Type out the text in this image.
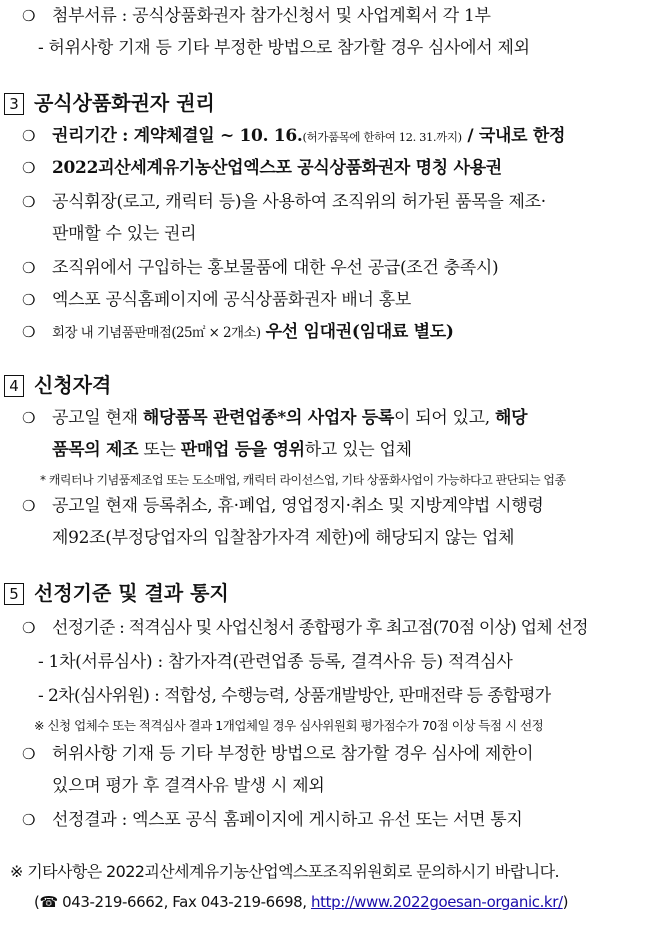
❍ 첨부서류 : 공식상품화권자 참가신청서 및 사업계획서 각 1부
- 허위사항 기재 등 기타 부정한 방법으로 참가할 경우 심사에서 제외
3 공식상품화권자 권리
❍ 권리기간 : 계약체결일 ~ 10. 16.(허가품목에 한하여 12. 31.까지) / 국내로 한정
❍ 2022괴산세계유기농산업엑스포 공식상품화권자 명칭 사용권
❍ 공식휘장(로고, 캐릭터 등)을 사용하여 조직위의 허가된 품목을 제조·
판매할 수 있는 권리
❍ 조직위에서 구입하는 홍보물품에 대한 우선 공급(조건 충족시)
❍ 엑스포 공식홈페이지에 공식상품화권자 배너 홍보
❍ 회장 내 기념품판매점(25㎡ × 2개소) 우선 임대권(임대료 별도)
4 신청자격
❍ 공고일 현재 해당품목 관련업종*의 사업자 등록이 되어 있고, 해당
품목의 제조 또는 판매업 등을 영위하고 있는 업체
* 캐릭터나 기념품제조업 또는 도소매업, 캐릭터 라이선스업, 기타 상품화사업이 가능하다고 판단되는 업종
❍ 공고일 현재 등록취소, 휴·폐업, 영업정지·취소 및 지방계약법 시행령
제92조(부정당업자의 입찰참가자격 제한)에 해당되지 않는 업체
5 선정기준 및 결과 통지
❍ 선정기준 : 적격심사 및 사업신청서 종합평가 후 최고점(70점 이상) 업체 선정
- 1차(서류심사) : 참가자격(관련업종 등록, 결격사유 등) 적격심사
- 2차(심사위원) : 적합성, 수행능력, 상품개발방안, 판매전략 등 종합평가
※ 신청 업체수 또는 적격심사 결과 1개업체일 경우 심사위원회 평가점수가 70점 이상 득점 시 선정
❍ 허위사항 기재 등 기타 부정한 방법으로 참가할 경우 심사에 제한이
있으며 평가 후 결격사유 발생 시 제외
❍ 선정결과 : 엑스포 공식 홈페이지에 게시하고 유선 또는 서면 통지
※ 기타사항은 2022괴산세계유기농산업엑스포조직위원회로 문의하시기 바랍니다.
(☎ 043-219-6662, Fax 043-219-6698, http://www.2022goesan-organic.kr/)
